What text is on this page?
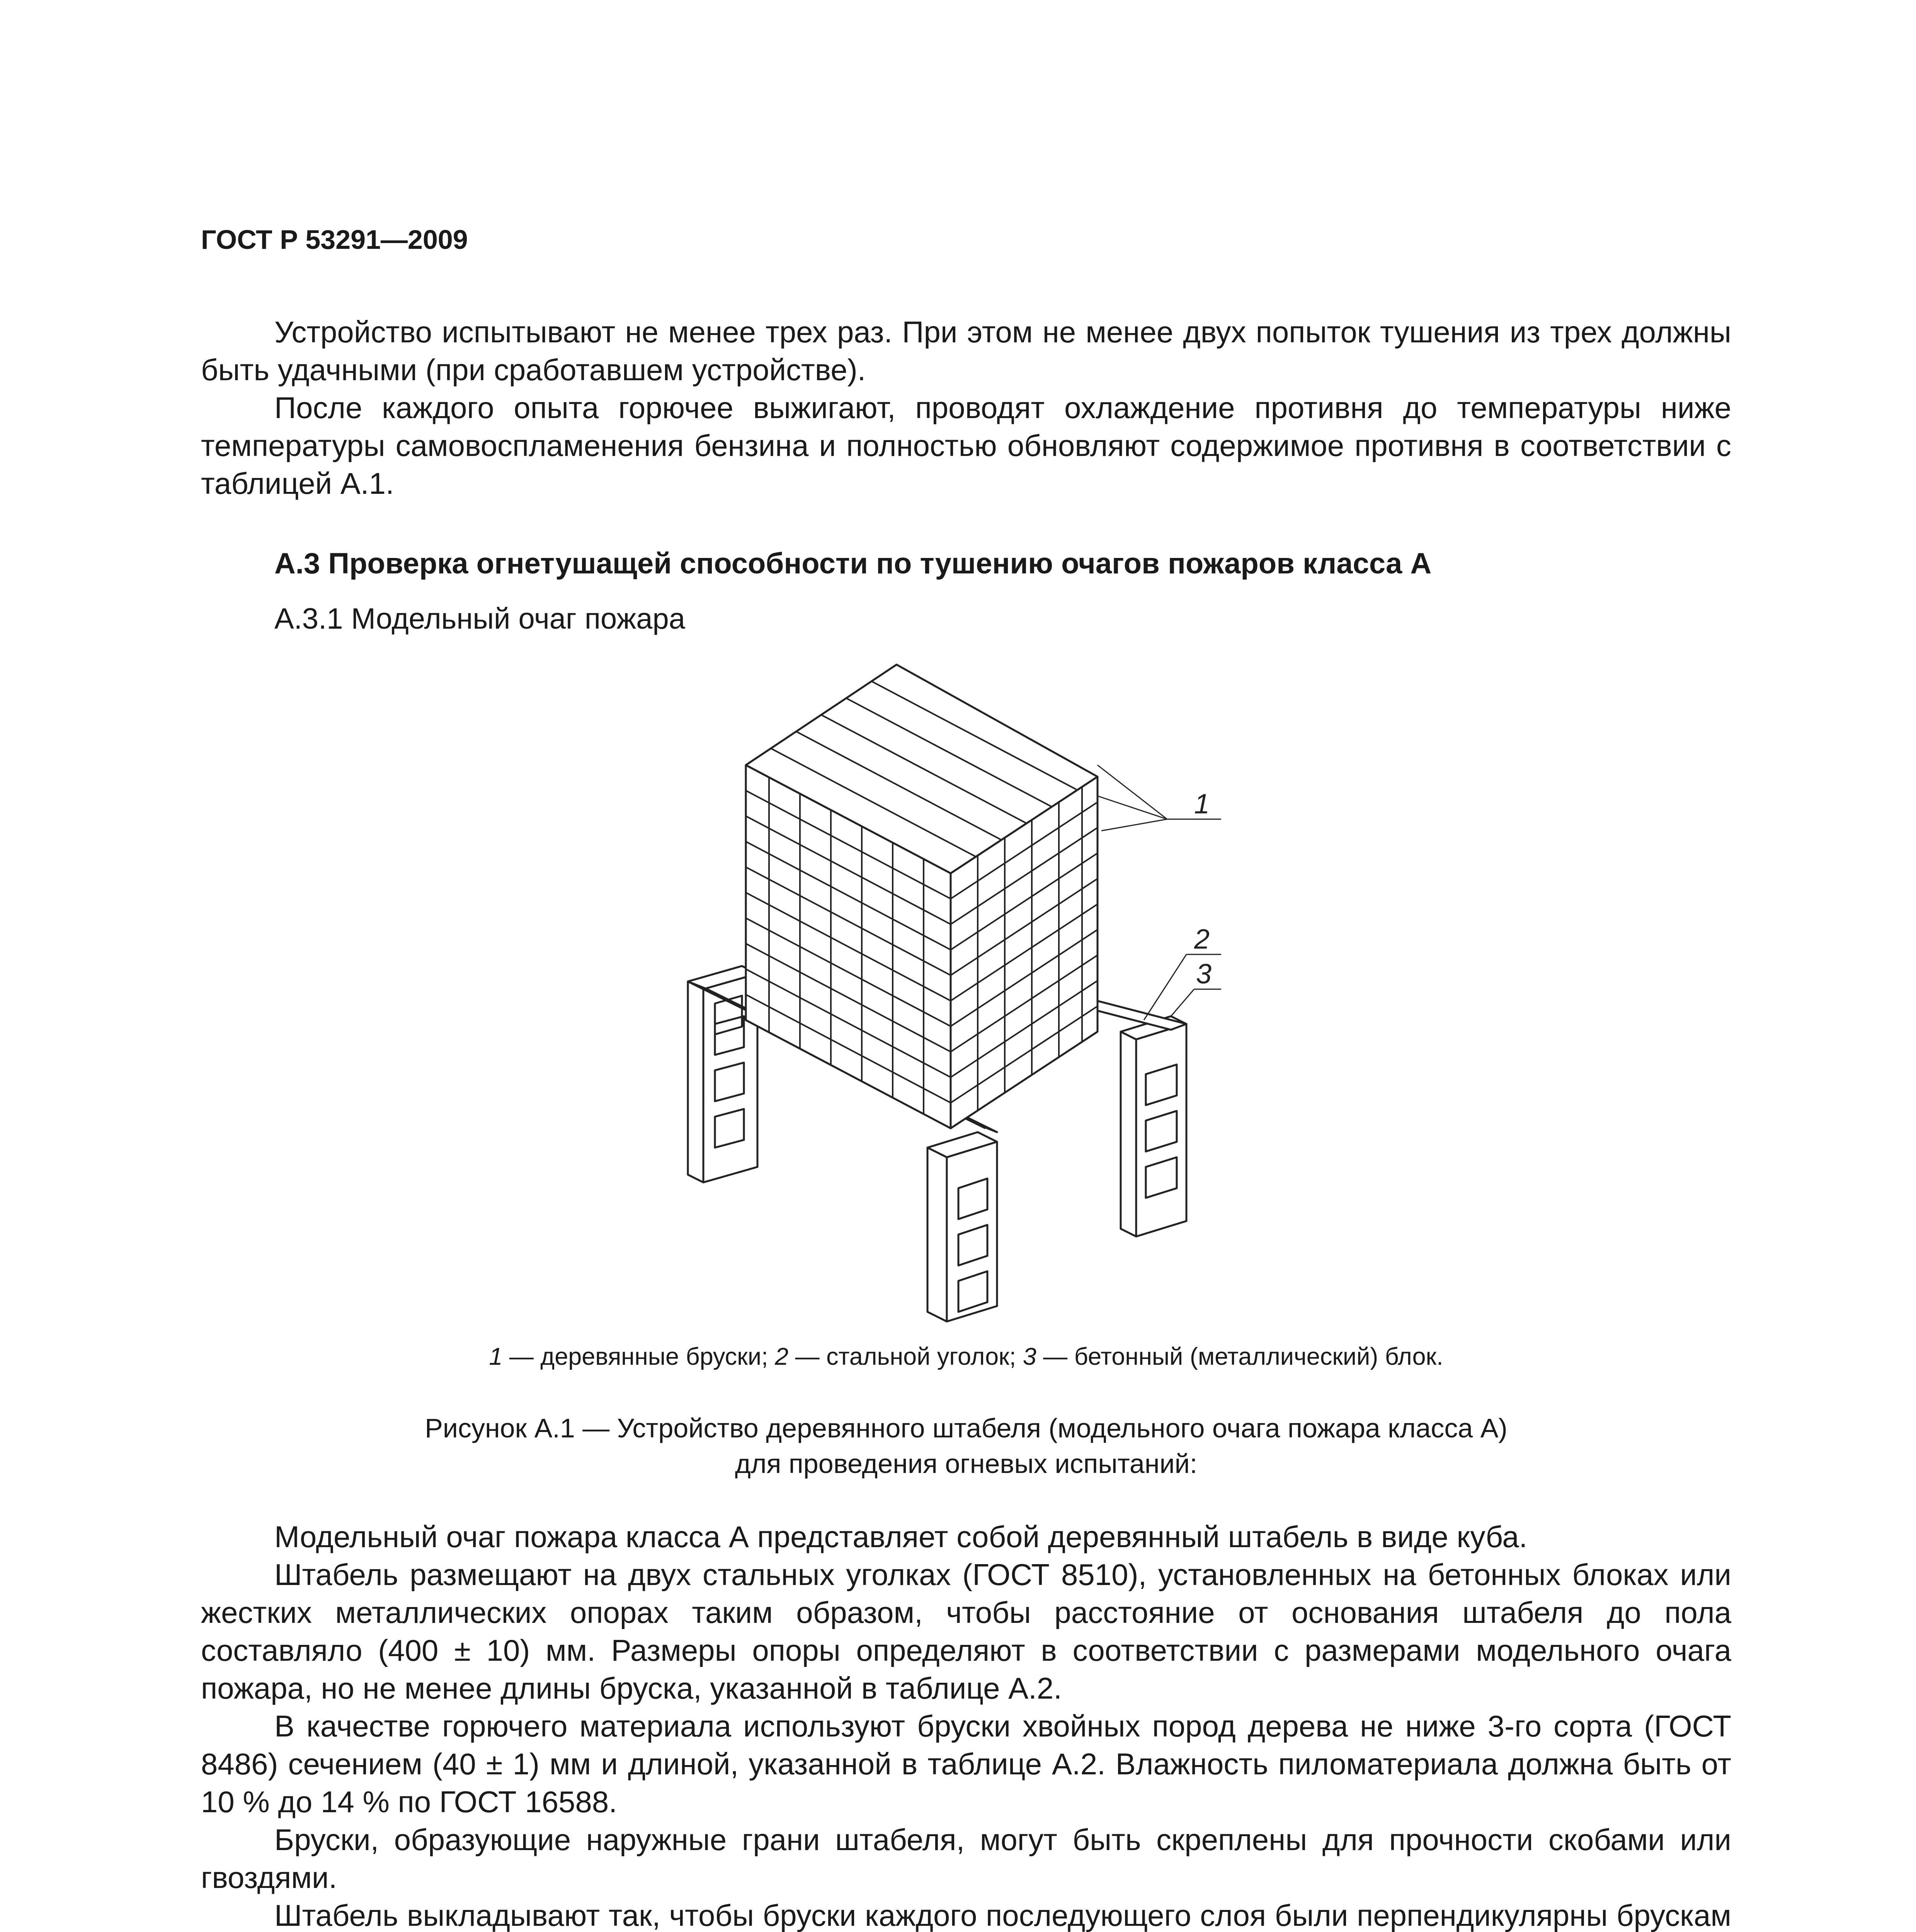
ГОСТ Р 53291—2009

Устройство испытывают не менее трех раз. При этом не менее двух попыток тушения из трех должны быть удачными (при сработавшем устройстве).

После каждого опыта горючее выжигают, проводят охлаждение противня до температуры ниже температуры самовоспламенения бензина и полностью обновляют содержимое противня в соответствии с таблицей А.1.

А.3 Проверка огнетушащей способности по тушению очагов пожаров класса А
А.3.1 Модельный очаг пожара
1
2
3
1 — деревянные бруски; 2 — стальной уголок; 3 — бетонный (металлический) блок.
Рисунок А.1 — Устройство деревянного штабеля (модельного очага пожара класса А)
для проведения огневых испытаний:

Модельный очаг пожара класса А представляет собой деревянный штабель в виде куба.

Штабель размещают на двух стальных уголках (ГОСТ 8510), установленных на бетонных блоках или жестких металлических опорах таким образом, чтобы расстояние от основания штабеля до пола составляло (400 ± 10) мм. Размеры опоры определяют в соответствии с размерами модельного очага пожара, но не менее длины бруска, указанной в таблице А.2.

В качестве горючего материала используют бруски хвойных пород дерева не ниже 3-го сорта (ГОСТ 8486) сечением (40 ± 1) мм и длиной, указанной в таблице А.2. Влажность пиломатериала должна быть от 10 % до 14 % по ГОСТ 16588.

Бруски, образующие наружные грани штабеля, могут быть скреплены для прочности скобами или гвоздями.

Штабель выкладывают так, чтобы бруски каждого последующего слоя были перпендикулярны брускам
